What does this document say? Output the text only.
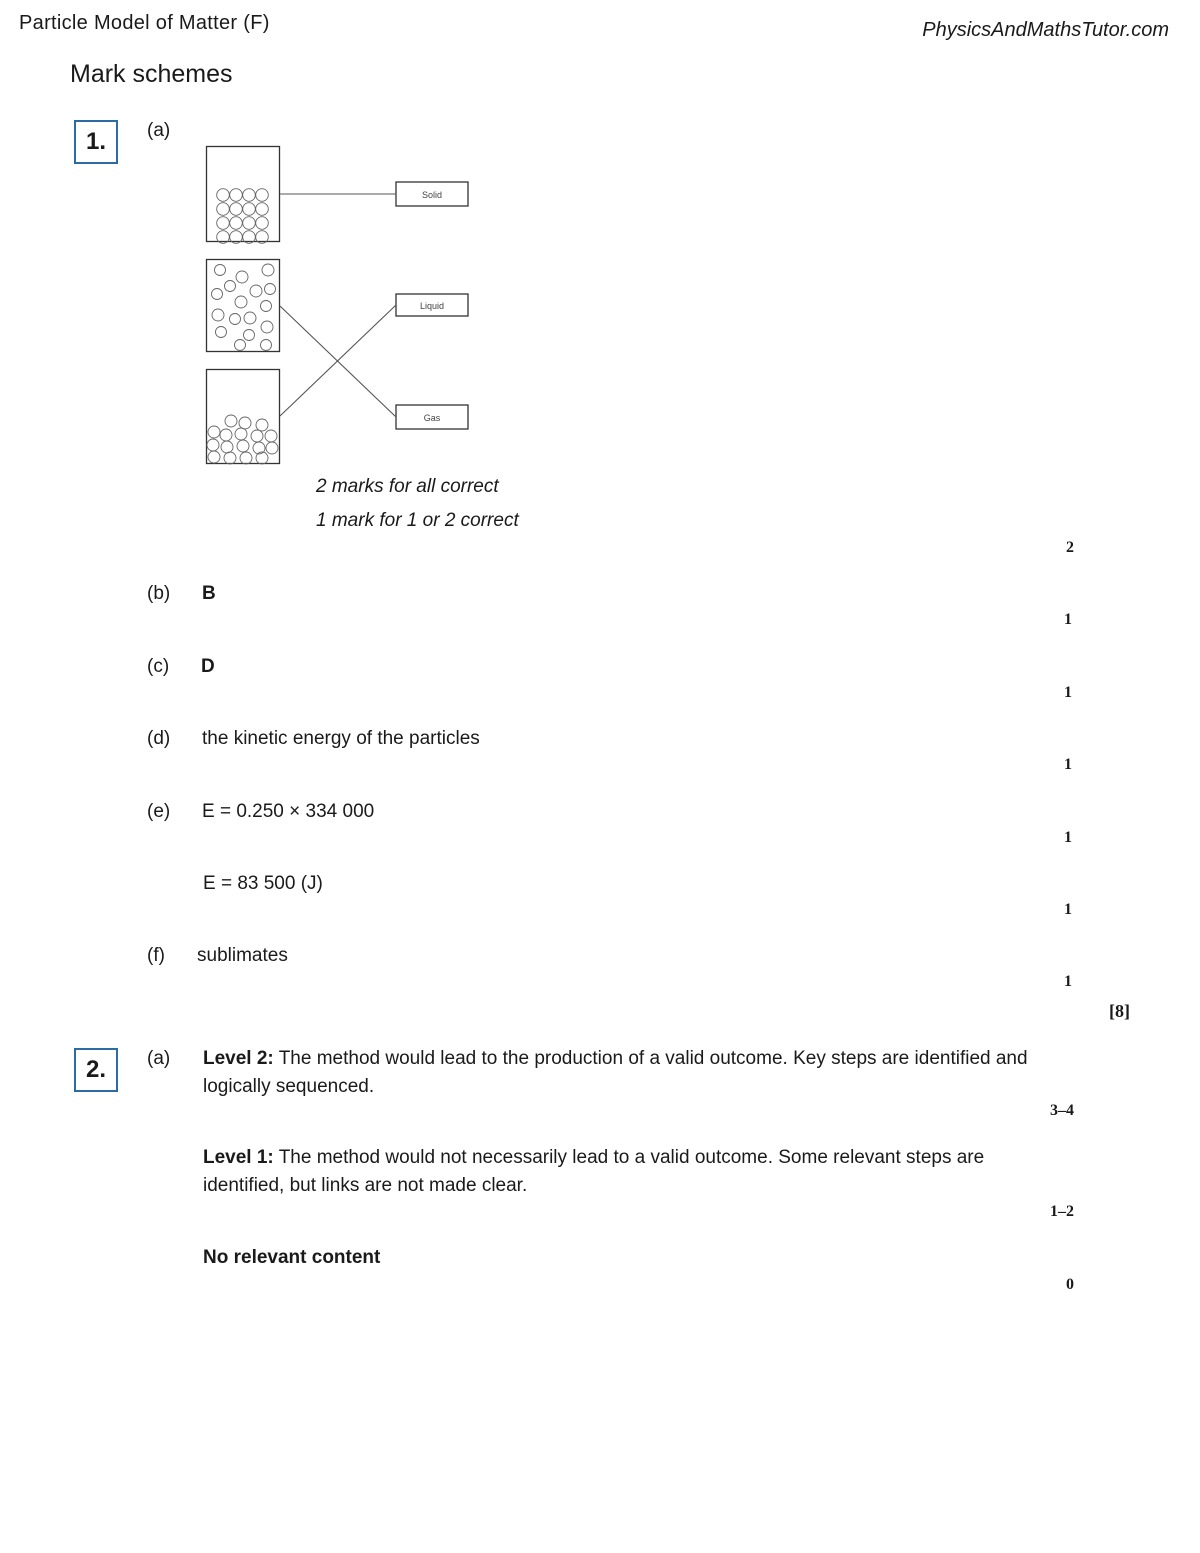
Particle Model of Matter (F)	PhysicsAndMathsTutor.com
Mark schemes
1.	(a)
Solid
Liquid
Gas
2 marks for all correct
1 mark for 1 or 2 correct
2
(b) B
1
(c) D
1
(d) the kinetic energy of the particles
1
(e) E = 0.250 × 334 000
1
E = 83 500 (J)
1
(f) sublimates
1
[8]
2.	(a) Level 2: The method would lead to the production of a valid outcome. Key steps are identified and logically sequenced.
3–4
Level 1: The method would not necessarily lead to a valid outcome. Some relevant steps are identified, but links are not made clear.
1–2
No relevant content
0
